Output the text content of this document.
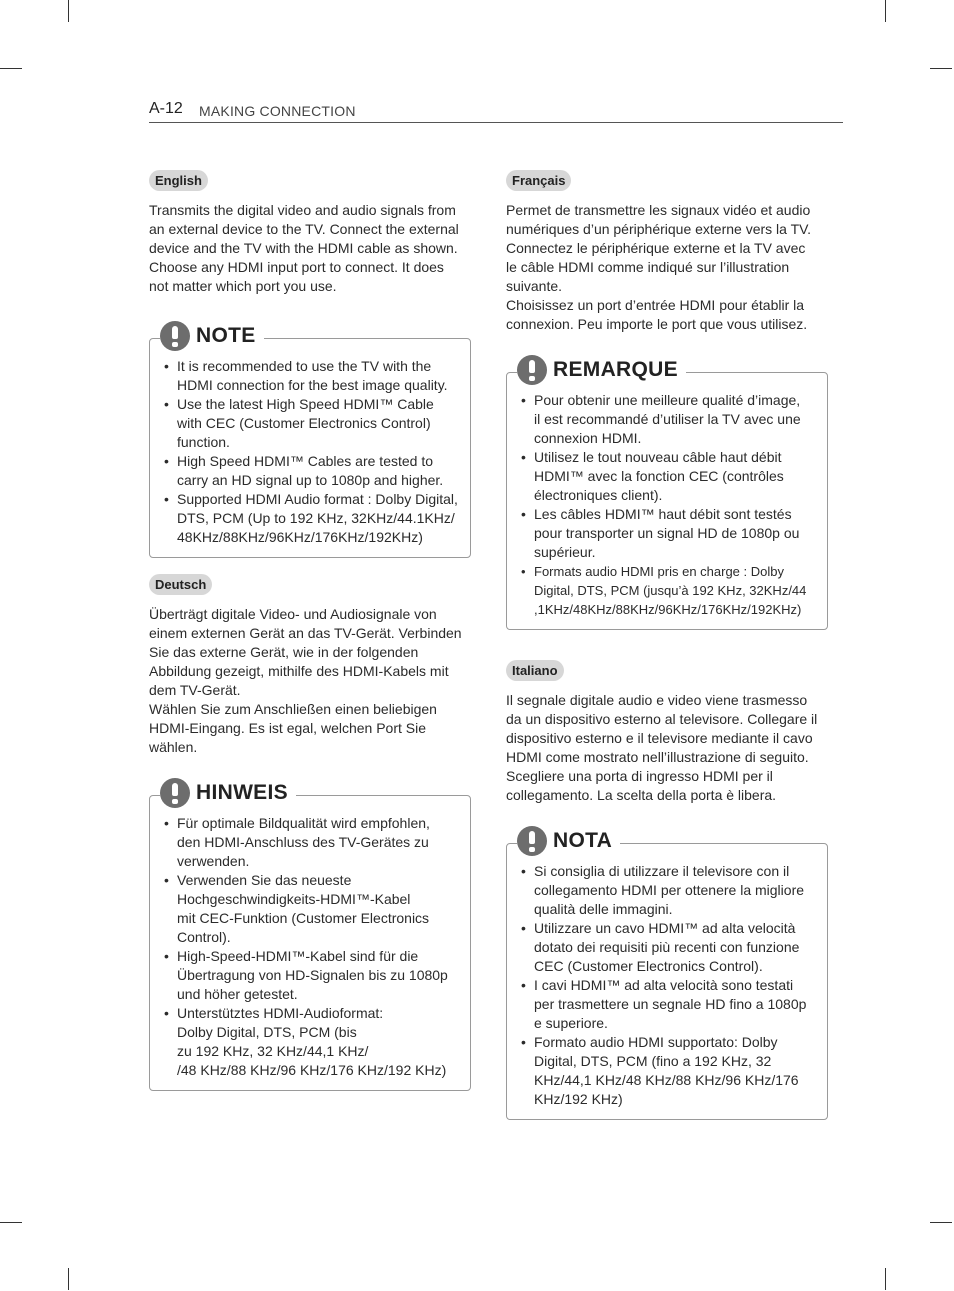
A-12 MAKING CONNECTION
English

Transmits the digital video and audio signals from

an external device to the TV. Connect the external

device and the TV with the HDMI cable as shown.

Choose any HDMI input port to connect. It does

not matter which port you use.

NOTE
• It is recommended to use the TV with the
HDMI connection for the best image quality.
• Use the latest High Speed HDMI™ Cable
with CEC (Customer Electronics Control)
function.
• High Speed HDMI™ Cables are tested to
carry an HD signal up to 1080p and higher.
• Supported HDMI Audio format : Dolby Digital,
DTS, PCM (Up to 192 KHz, 32KHz/44.1KHz/
48KHz/88KHz/96KHz/176KHz/192KHz)
Deutsch

Überträgt digitale Video- und Audiosignale von

einem externen Gerät an das TV-Gerät. Verbinden

Sie das externe Gerät, wie in der folgenden

Abbildung gezeigt, mithilfe des HDMI-Kabels mit

dem TV-Gerät.

Wählen Sie zum Anschließen einen beliebigen

HDMI-Eingang. Es ist egal, welchen Port Sie

wählen.

HINWEIS
• Für optimale Bildqualität wird empfohlen,
den HDMI-Anschluss des TV-Gerätes zu
verwenden.
• Verwenden Sie das neueste
Hochgeschwindigkeits-HDMI™-Kabel
mit CEC-Funktion (Customer Electronics
Control).
• High-Speed-HDMI™-Kabel sind für die
Übertragung von HD-Signalen bis zu 1080p
und höher getestet.
• Unterstütztes HDMI-Audioformat:
Dolby Digital, DTS, PCM (bis
zu 192 KHz, 32 KHz/44,1 KHz/
/48 KHz/88 KHz/96 KHz/176 KHz/192 KHz)
Français

Permet de transmettre les signaux vidéo et audio

numériques d’un périphérique externe vers la TV.

Connectez le périphérique externe et la TV avec

le câble HDMI comme indiqué sur l’illustration

suivante.

Choisissez un port d’entrée HDMI pour établir la

connexion. Peu importe le port que vous utilisez.

REMARQUE
• Pour obtenir une meilleure qualité d’image,
il est recommandé d’utiliser la TV avec une
connexion HDMI.
• Utilisez le tout nouveau câble haut débit
HDMI™ avec la fonction CEC (contrôles
électroniques client).
• Les câbles HDMI™ haut débit sont testés
pour transporter un signal HD de 1080p ou
supérieur.
• Formats audio HDMI pris en charge : Dolby
Digital, DTS, PCM (jusqu’à 192 KHz, 32KHz/44
,1KHz/48KHz/88KHz/96KHz/176KHz/192KHz)
Italiano

Il segnale digitale audio e video viene trasmesso

da un dispositivo esterno al televisore. Collegare il

dispositivo esterno e il televisore mediante il cavo

HDMI come mostrato nell’illustrazione di seguito.

Scegliere una porta di ingresso HDMI per il

collegamento. La scelta della porta è libera.

NOTA
• Si consiglia di utilizzare il televisore con il
collegamento HDMI per ottenere la migliore
qualità delle immagini.
• Utilizzare un cavo HDMI™ ad alta velocità
dotato dei requisiti più recenti con funzione
CEC (Customer Electronics Control).
• I cavi HDMI™ ad alta velocità sono testati
per trasmettere un segnale HD fino a 1080p
e superiore.
• Formato audio HDMI supportato: Dolby
Digital, DTS, PCM (fino a 192 KHz, 32
KHz/44,1 KHz/48 KHz/88 KHz/96 KHz/176
KHz/192 KHz)
